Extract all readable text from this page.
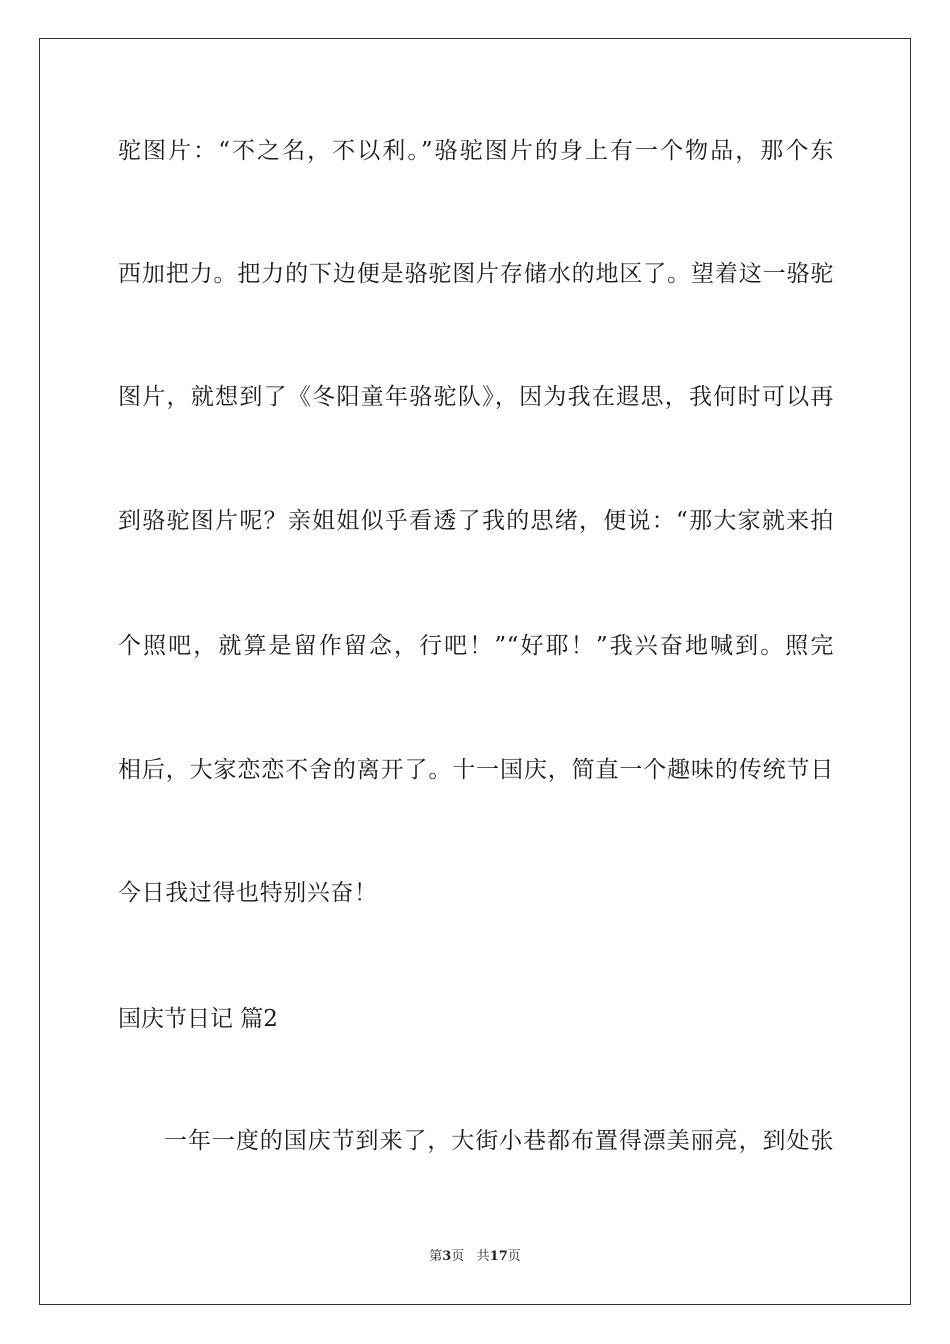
驼图片：“不之名，不以利。”骆驼图片的身上有一个物品，那个东
西加把力。把力的下边便是骆驼图片存储水的地区了。望着这一骆驼
图片，就想到了《冬阳童年骆驼队》，因为我在遐思，我何时可以再
到骆驼图片呢？亲姐姐似乎看透了我的思绪，便说：“那大家就来拍
个照吧，就算是留作留念，行吧！”“好耶！”我兴奋地喊到。照完
相后，大家恋恋不舍的离开了。十一国庆，简直一个趣味的传统节日
今日我过得也特别兴奋！
国庆节日记 篇2
一年一度的国庆节到来了，大街小巷都布置得漂美丽亮，到处张
第3页 共17页
